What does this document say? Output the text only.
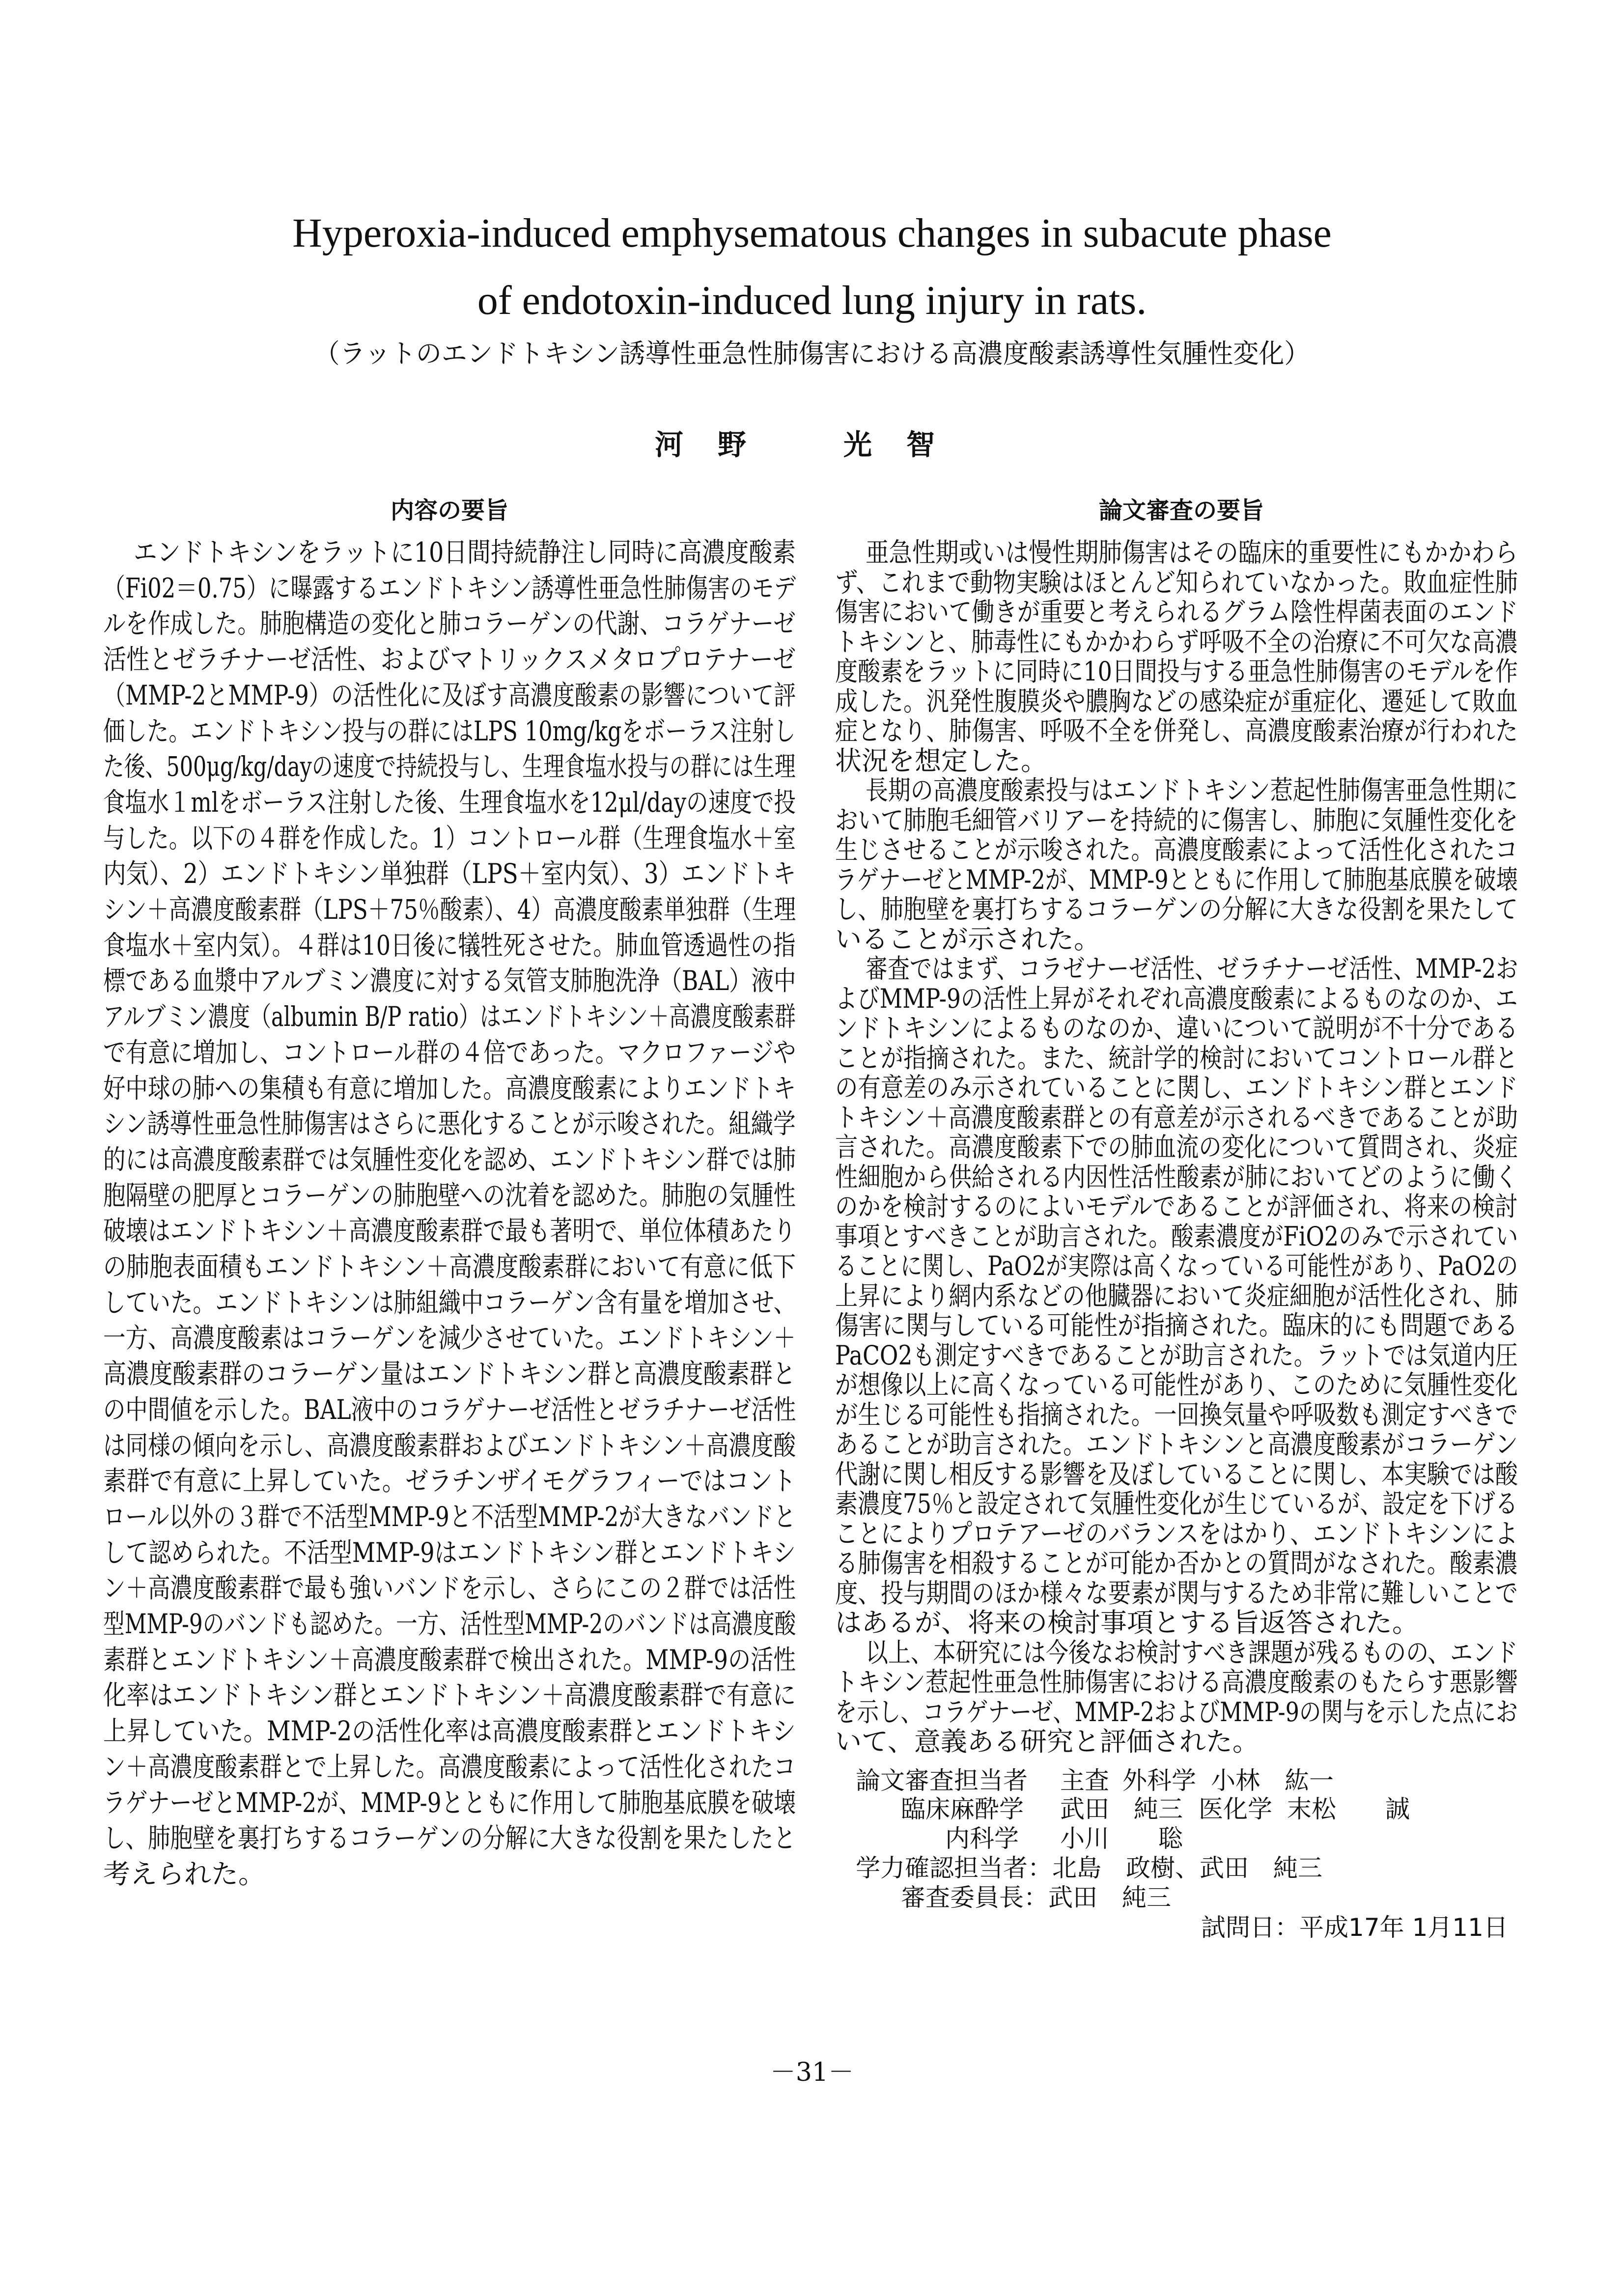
Hyperoxia-induced emphysematous changes in subacute phase
of endotoxin-induced lung injury in rats.
（ラットのエンドトキシン誘導性亜急性肺傷害における高濃度酸素誘導性気腫性変化）
河野　光智
内容の要旨	論文審査の要旨
エンドトキシンをラットに10日間持続静注し同時に高濃度酸素
（Fi02＝0.75）に曝露するエンドトキシン誘導性亜急性肺傷害のモデ
ルを作成した。肺胞構造の変化と肺コラーゲンの代謝、コラゲナーゼ
活性とゼラチナーゼ活性、およびマトリックスメタロプロテナーゼ
（MMP-2とMMP-9）の活性化に及ぼす高濃度酸素の影響について評
価した。エンドトキシン投与の群にはLPS 10mg/kgをボーラス注射し
た後、500μg/kg/dayの速度で持続投与し、生理食塩水投与の群には生理
食塩水１mlをボーラス注射した後、生理食塩水を12μl/dayの速度で投
与した。以下の４群を作成した。1）コントロール群（生理食塩水＋室
内気）、2）エンドトキシン単独群（LPS＋室内気）、3）エンドトキ
シン＋高濃度酸素群（LPS＋75％酸素）、4）高濃度酸素単独群（生理
食塩水＋室内気）。４群は10日後に犠牲死させた。肺血管透過性の指
標である血漿中アルブミン濃度に対する気管支肺胞洗浄（BAL）液中
アルブミン濃度（albumin B/P ratio）はエンドトキシン＋高濃度酸素群
で有意に増加し、コントロール群の４倍であった。マクロファージや
好中球の肺への集積も有意に増加した。高濃度酸素によりエンドトキ
シン誘導性亜急性肺傷害はさらに悪化することが示唆された。組織学
的には高濃度酸素群では気腫性変化を認め、エンドトキシン群では肺
胞隔壁の肥厚とコラーゲンの肺胞壁への沈着を認めた。肺胞の気腫性
破壊はエンドトキシン＋高濃度酸素群で最も著明で、単位体積あたり
の肺胞表面積もエンドトキシン＋高濃度酸素群において有意に低下
していた。エンドトキシンは肺組織中コラーゲン含有量を増加させ、
一方、高濃度酸素はコラーゲンを減少させていた。エンドトキシン＋
高濃度酸素群のコラーゲン量はエンドトキシン群と高濃度酸素群と
の中間値を示した。BAL液中のコラゲナーゼ活性とゼラチナーゼ活性
は同様の傾向を示し、高濃度酸素群およびエンドトキシン＋高濃度酸
素群で有意に上昇していた。ゼラチンザイモグラフィーではコント
ロール以外の３群で不活型MMP-9と不活型MMP-2が大きなバンドと
して認められた。不活型MMP-9はエンドトキシン群とエンドトキシ
ン＋高濃度酸素群で最も強いバンドを示し、さらにこの２群では活性
型MMP-9のバンドも認めた。一方、活性型MMP-2のバンドは高濃度酸
素群とエンドトキシン＋高濃度酸素群で検出された。MMP-9の活性
化率はエンドトキシン群とエンドトキシン＋高濃度酸素群で有意に
上昇していた。MMP-2の活性化率は高濃度酸素群とエンドトキシ
ン＋高濃度酸素群とで上昇した。高濃度酸素によって活性化されたコ
ラゲナーゼとMMP-2が、MMP-9とともに作用して肺胞基底膜を破壊
し、肺胞壁を裏打ちするコラーゲンの分解に大きな役割を果たしたと
考えられた。
亜急性期或いは慢性期肺傷害はその臨床的重要性にもかかわら
ず、これまで動物実験はほとんど知られていなかった。敗血症性肺
傷害において働きが重要と考えられるグラム陰性桿菌表面のエンド
トキシンと、肺毒性にもかかわらず呼吸不全の治療に不可欠な高濃
度酸素をラットに同時に10日間投与する亜急性肺傷害のモデルを作
成した。汎発性腹膜炎や膿胸などの感染症が重症化、遷延して敗血
症となり、肺傷害、呼吸不全を併発し、高濃度酸素治療が行われた
状況を想定した。
長期の高濃度酸素投与はエンドトキシン惹起性肺傷害亜急性期に
おいて肺胞毛細管バリアーを持続的に傷害し、肺胞に気腫性変化を
生じさせることが示唆された。高濃度酸素によって活性化されたコ
ラゲナーゼとMMP-2が、MMP-9とともに作用して肺胞基底膜を破壊
し、肺胞壁を裏打ちするコラーゲンの分解に大きな役割を果たして
いることが示された。
審査ではまず、コラゼナーゼ活性、ゼラチナーゼ活性、MMP-2お
よびMMP-9の活性上昇がそれぞれ高濃度酸素によるものなのか、エ
ンドトキシンによるものなのか、違いについて説明が不十分である
ことが指摘された。また、統計学的検討においてコントロール群と
の有意差のみ示されていることに関し、エンドトキシン群とエンド
トキシン＋高濃度酸素群との有意差が示されるべきであることが助
言された。高濃度酸素下での肺血流の変化について質問され、炎症
性細胞から供給される内因性活性酸素が肺においてどのように働く
のかを検討するのによいモデルであることが評価され、将来の検討
事項とすべきことが助言された。酸素濃度がFiO2のみで示されてい
ることに関し、PaO2が実際は高くなっている可能性があり、PaO2の
上昇により網内系などの他臓器において炎症細胞が活性化され、肺
傷害に関与している可能性が指摘された。臨床的にも問題である
PaCO2も測定すべきであることが助言された。ラットでは気道内圧
が想像以上に高くなっている可能性があり、このために気腫性変化
が生じる可能性も指摘された。一回換気量や呼吸数も測定すべきで
あることが助言された。エンドトキシンと高濃度酸素がコラーゲン
代謝に関し相反する影響を及ぼしていることに関し、本実験では酸
素濃度75％と設定されて気腫性変化が生じているが、設定を下げる
ことによりプロテアーゼのバランスをはかり、エンドトキシンによ
る肺傷害を相殺することが可能か否かとの質問がなされた。酸素濃
度、投与期間のほか様々な要素が関与するため非常に難しいことで
はあるが、将来の検討事項とする旨返答された。
以上、本研究には今後なお検討すべき課題が残るものの、エンド
トキシン惹起性亜急性肺傷害における高濃度酸素のもたらす悪影響
を示し、コラゲナーゼ、MMP-2およびMMP-9の関与を示した点にお
いて、意義ある研究と評価された。
論文審査担当者 主査 外科学 小林　紘一
臨床麻酔学 武田　純三 医化学 末松　　誠
内科学 小川　　聡
学力確認担当者：北島　政樹、武田　純三
審査委員長：武田　純三
試問日：平成17年 1月11日
－31－
